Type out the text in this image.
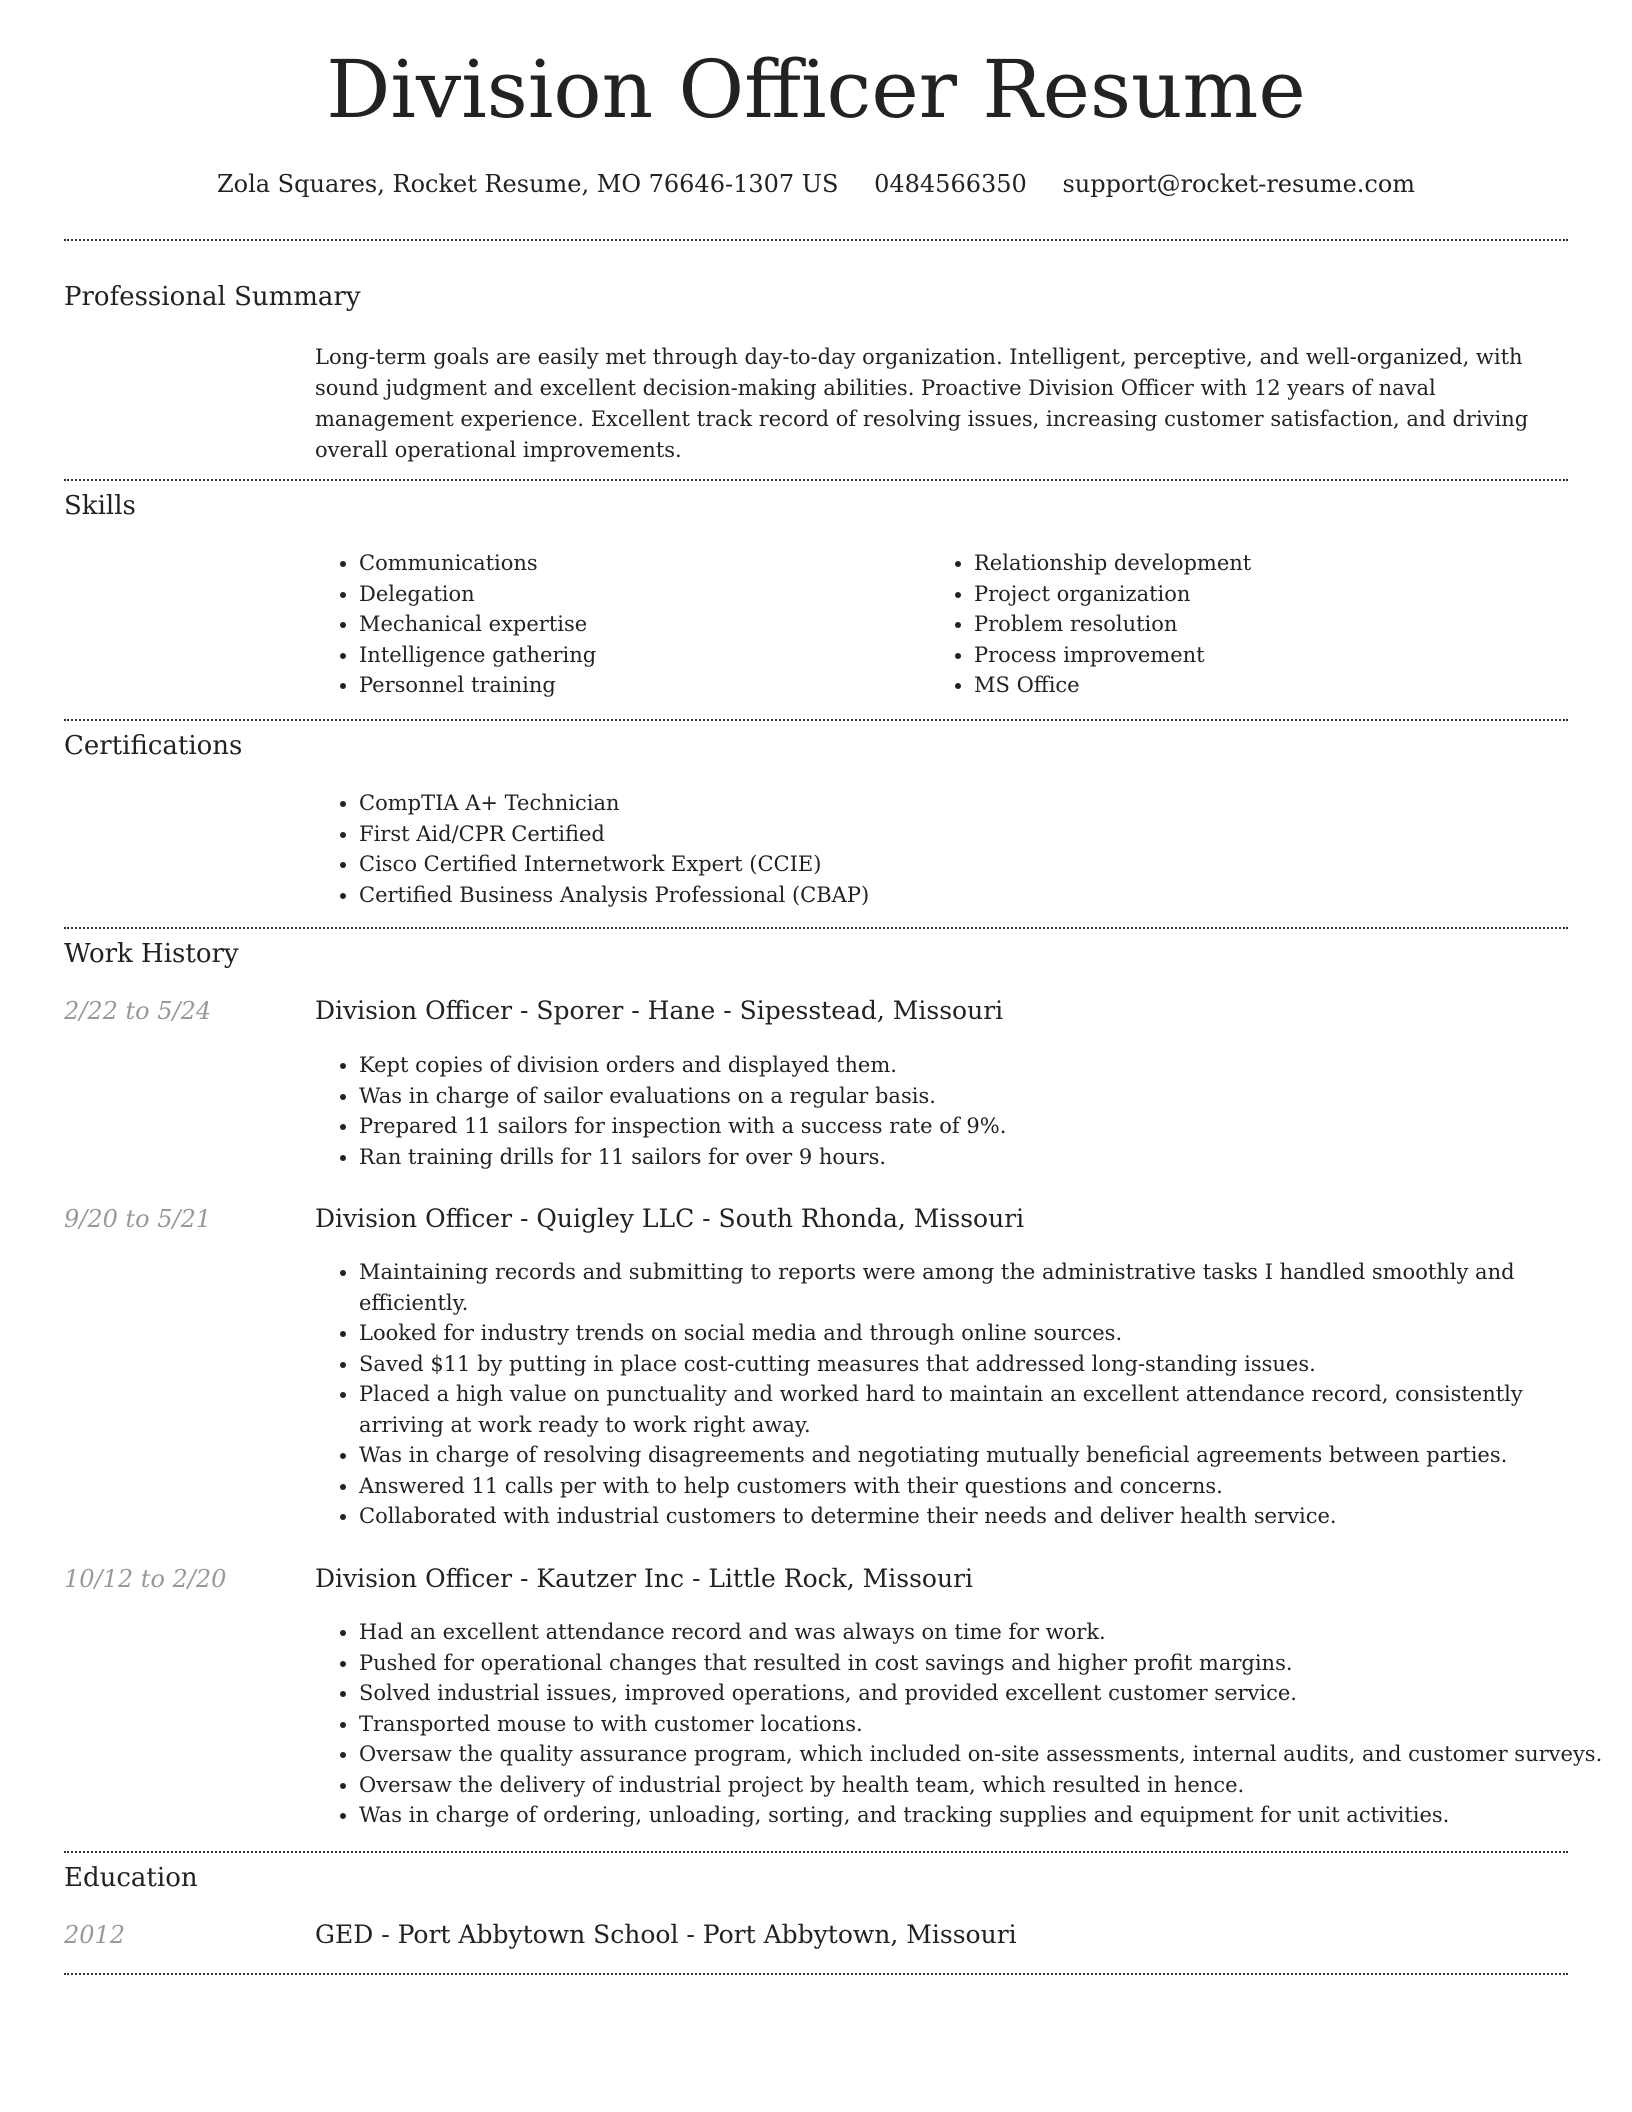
Division Officer Resume
Zola Squares, Rocket Resume, MO 76646-1307 US 0484566350 support@rocket-resume.com
Professional Summary

Long-term goals are easily met through day-to-day organization. Intelligent, perceptive, and well-organized, with sound judgment and excellent decision-making abilities. Proactive Division Officer with 12 years of naval management experience. Excellent track record of resolving issues, increasing customer satisfaction, and driving overall operational improvements.

Skills
• Communications
• Delegation
• Mechanical expertise
• Intelligence gathering
• Personnel training
• Relationship development
• Project organization
• Problem resolution
• Process improvement
• MS Office
Certifications
• CompTIA A+ Technician
• First Aid/CPR Certified
• Cisco Certified Internetwork Expert (CCIE)
• Certified Business Analysis Professional (CBAP)
Work History
2/22 to 5/24	Division Officer - Sporer - Hane - Sipesstead, Missouri
• Kept copies of division orders and displayed them.
• Was in charge of sailor evaluations on a regular basis.
• Prepared 11 sailors for inspection with a success rate of 9%.
• Ran training drills for 11 sailors for over 9 hours.
9/20 to 5/21	Division Officer - Quigley LLC - South Rhonda, Missouri
• Maintaining records and submitting to reports were among the administrative tasks I handled smoothly and efficiently.
• Looked for industry trends on social media and through online sources.
• Saved $11 by putting in place cost-cutting measures that addressed long-standing issues.
• Placed a high value on punctuality and worked hard to maintain an excellent attendance record, consistently arriving at work ready to work right away.
• Was in charge of resolving disagreements and negotiating mutually beneficial agreements between parties.
• Answered 11 calls per with to help customers with their questions and concerns.
• Collaborated with industrial customers to determine their needs and deliver health service.
10/12 to 2/20	Division Officer - Kautzer Inc - Little Rock, Missouri
• Had an excellent attendance record and was always on time for work.
• Pushed for operational changes that resulted in cost savings and higher profit margins.
• Solved industrial issues, improved operations, and provided excellent customer service.
• Transported mouse to with customer locations.
• Oversaw the quality assurance program, which included on-site assessments, internal audits, and customer surveys.
• Oversaw the delivery of industrial project by health team, which resulted in hence.
• Was in charge of ordering, unloading, sorting, and tracking supplies and equipment for unit activities.
Education
2012	GED - Port Abbytown School - Port Abbytown, Missouri
